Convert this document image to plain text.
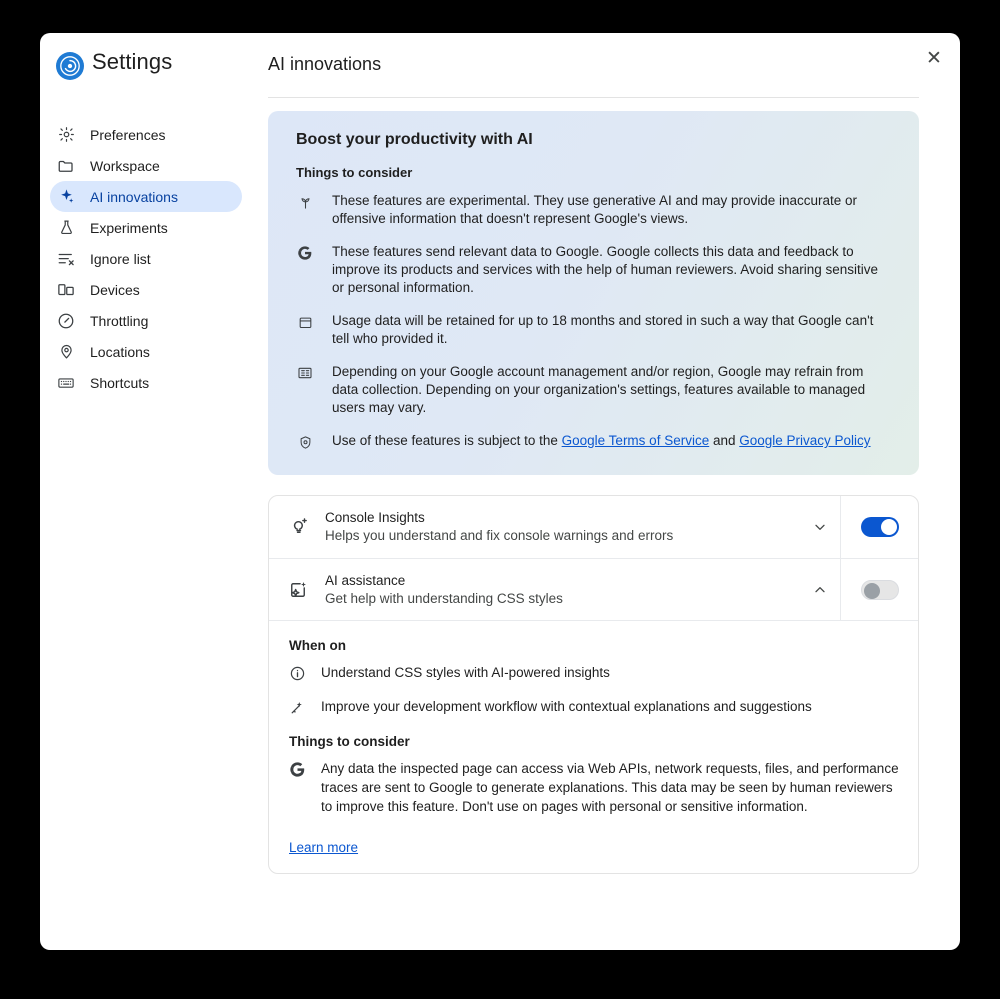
Settings	AI innovations	✕
Preferences
Workspace
AI innovations
Experiments
Ignore list
Devices
Throttling
Locations
Shortcuts
Boost your productivity with AI
Things to consider
These features are experimental. They use generative AI and may provide inaccurate or offensive information that doesn't represent Google's views.
These features send relevant data to Google. Google collects this data and feedback to improve its products and services with the help of human reviewers. Avoid sharing sensitive or personal information.
Usage data will be retained for up to 18 months and stored in such a way that Google can't tell who provided it.
Depending on your Google account management and/or region, Google may refrain from data collection. Depending on your organization's settings, features available to managed users may vary.
Use of these features is subject to the Google Terms of Service and Google Privacy Policy
Console Insights
Helps you understand and fix console warnings and errors
AI assistance
Get help with understanding CSS styles
When on
Understand CSS styles with AI-powered insights
Improve your development workflow with contextual explanations and suggestions
Things to consider
Any data the inspected page can access via Web APIs, network requests, files, and performance traces are sent to Google to generate explanations. This data may be seen by human reviewers to improve this feature. Don't use on pages with personal or sensitive information.
Learn more
